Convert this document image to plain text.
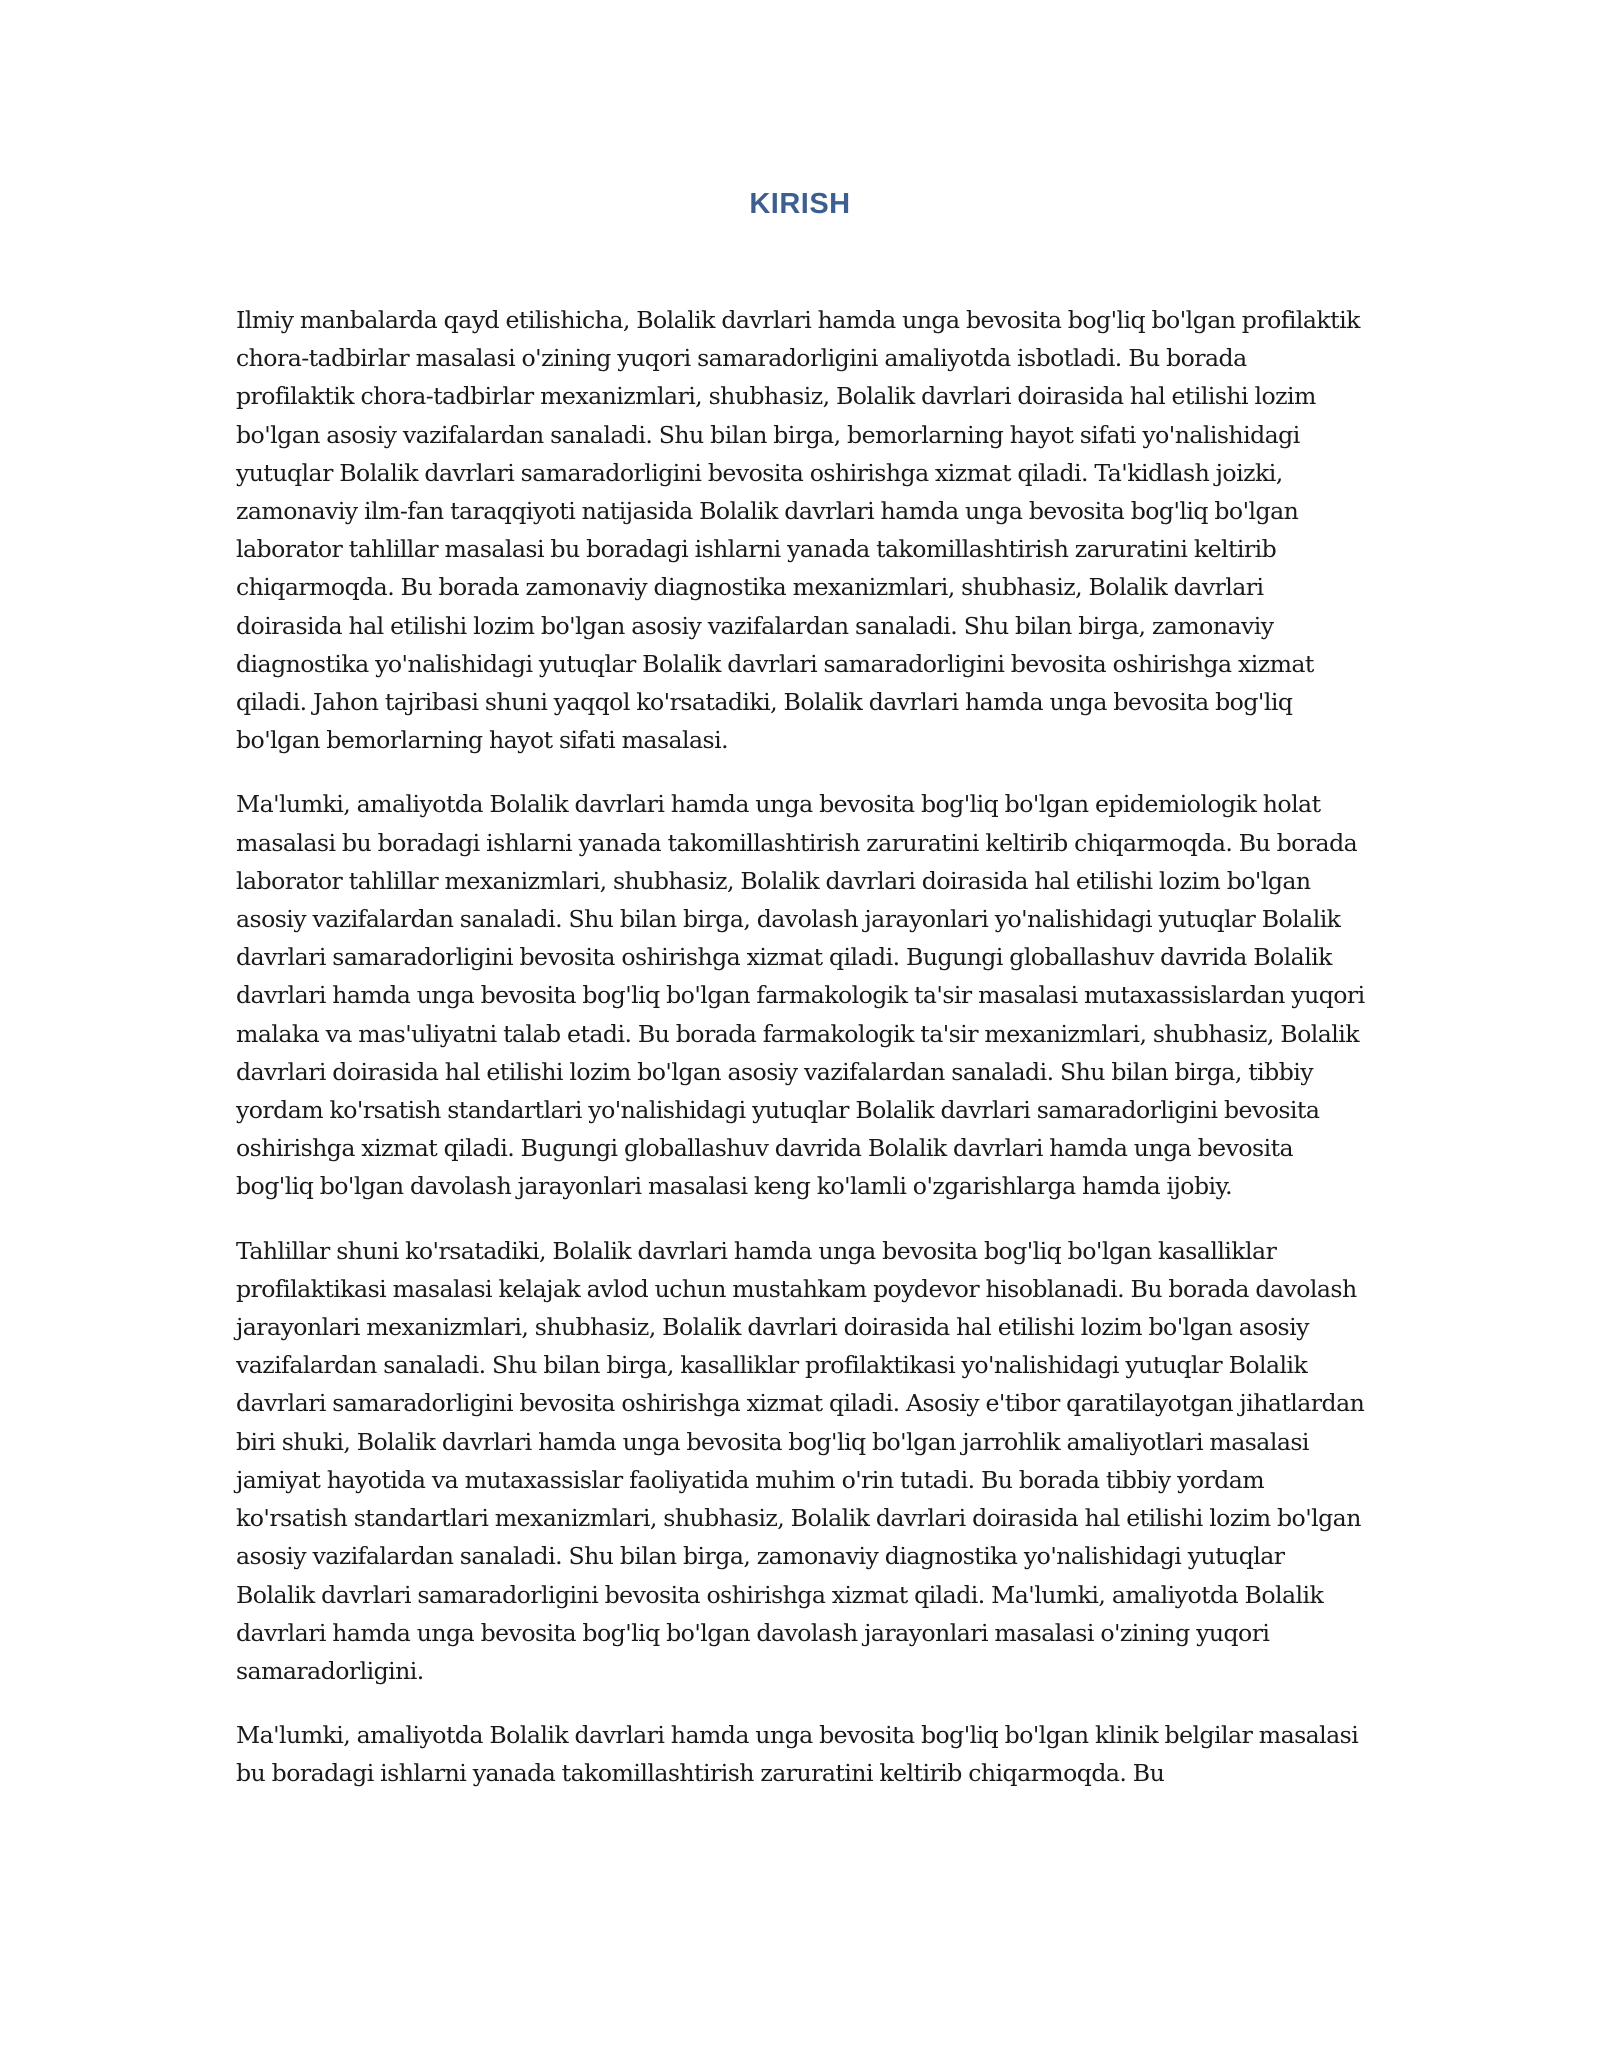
KIRISH

Ilmiy manbalarda qayd etilishicha, Bolalik davrlari hamda unga bevosita bog'liq bo'lgan profilaktik chora-tadbirlar masalasi o'zining yuqori samaradorligini amaliyotda isbotladi. Bu borada profilaktik chora-tadbirlar mexanizmlari, shubhasiz, Bolalik davrlari doirasida hal etilishi lozim bo'lgan asosiy vazifalardan sanaladi. Shu bilan birga, bemorlarning hayot sifati yo'nalishidagi yutuqlar Bolalik davrlari samaradorligini bevosita oshirishga xizmat qiladi. Ta'kidlash joizki, zamonaviy ilm-fan taraqqiyoti natijasida Bolalik davrlari hamda unga bevosita bog'liq bo'lgan laborator tahlillar masalasi bu boradagi ishlarni yanada takomillashtirish zaruratini keltirib chiqarmoqda. Bu borada zamonaviy diagnostika mexanizmlari, shubhasiz, Bolalik davrlari doirasida hal etilishi lozim bo'lgan asosiy vazifalardan sanaladi. Shu bilan birga, zamonaviy diagnostika yo'nalishidagi yutuqlar Bolalik davrlari samaradorligini bevosita oshirishga xizmat qiladi. Jahon tajribasi shuni yaqqol ko'rsatadiki, Bolalik davrlari hamda unga bevosita bog'liq bo'lgan bemorlarning hayot sifati masalasi.

Ma'lumki, amaliyotda Bolalik davrlari hamda unga bevosita bog'liq bo'lgan epidemiologik holat masalasi bu boradagi ishlarni yanada takomillashtirish zaruratini keltirib chiqarmoqda. Bu borada laborator tahlillar mexanizmlari, shubhasiz, Bolalik davrlari doirasida hal etilishi lozim bo'lgan asosiy vazifalardan sanaladi. Shu bilan birga, davolash jarayonlari yo'nalishidagi yutuqlar Bolalik davrlari samaradorligini bevosita oshirishga xizmat qiladi. Bugungi globallashuv davrida Bolalik davrlari hamda unga bevosita bog'liq bo'lgan farmakologik ta'sir masalasi mutaxassislardan yuqori malaka va mas'uliyatni talab etadi. Bu borada farmakologik ta'sir mexanizmlari, shubhasiz, Bolalik davrlari doirasida hal etilishi lozim bo'lgan asosiy vazifalardan sanaladi. Shu bilan birga, tibbiy yordam ko'rsatish standartlari yo'nalishidagi yutuqlar Bolalik davrlari samaradorligini bevosita oshirishga xizmat qiladi. Bugungi globallashuv davrida Bolalik davrlari hamda unga bevosita bog'liq bo'lgan davolash jarayonlari masalasi keng ko'lamli o'zgarishlarga hamda ijobiy.

Tahlillar shuni ko'rsatadiki, Bolalik davrlari hamda unga bevosita bog'liq bo'lgan kasalliklar profilaktikasi masalasi kelajak avlod uchun mustahkam poydevor hisoblanadi. Bu borada davolash jarayonlari mexanizmlari, shubhasiz, Bolalik davrlari doirasida hal etilishi lozim bo'lgan asosiy vazifalardan sanaladi. Shu bilan birga, kasalliklar profilaktikasi yo'nalishidagi yutuqlar Bolalik davrlari samaradorligini bevosita oshirishga xizmat qiladi. Asosiy e'tibor qaratilayotgan jihatlardan biri shuki, Bolalik davrlari hamda unga bevosita bog'liq bo'lgan jarrohlik amaliyotlari masalasi jamiyat hayotida va mutaxassislar faoliyatida muhim o'rin tutadi. Bu borada tibbiy yordam ko'rsatish standartlari mexanizmlari, shubhasiz, Bolalik davrlari doirasida hal etilishi lozim bo'lgan asosiy vazifalardan sanaladi. Shu bilan birga, zamonaviy diagnostika yo'nalishidagi yutuqlar Bolalik davrlari samaradorligini bevosita oshirishga xizmat qiladi. Ma'lumki, amaliyotda Bolalik davrlari hamda unga bevosita bog'liq bo'lgan davolash jarayonlari masalasi o'zining yuqori samaradorligini.

Ma'lumki, amaliyotda Bolalik davrlari hamda unga bevosita bog'liq bo'lgan klinik belgilar masalasi bu boradagi ishlarni yanada takomillashtirish zaruratini keltirib chiqarmoqda. Bu
